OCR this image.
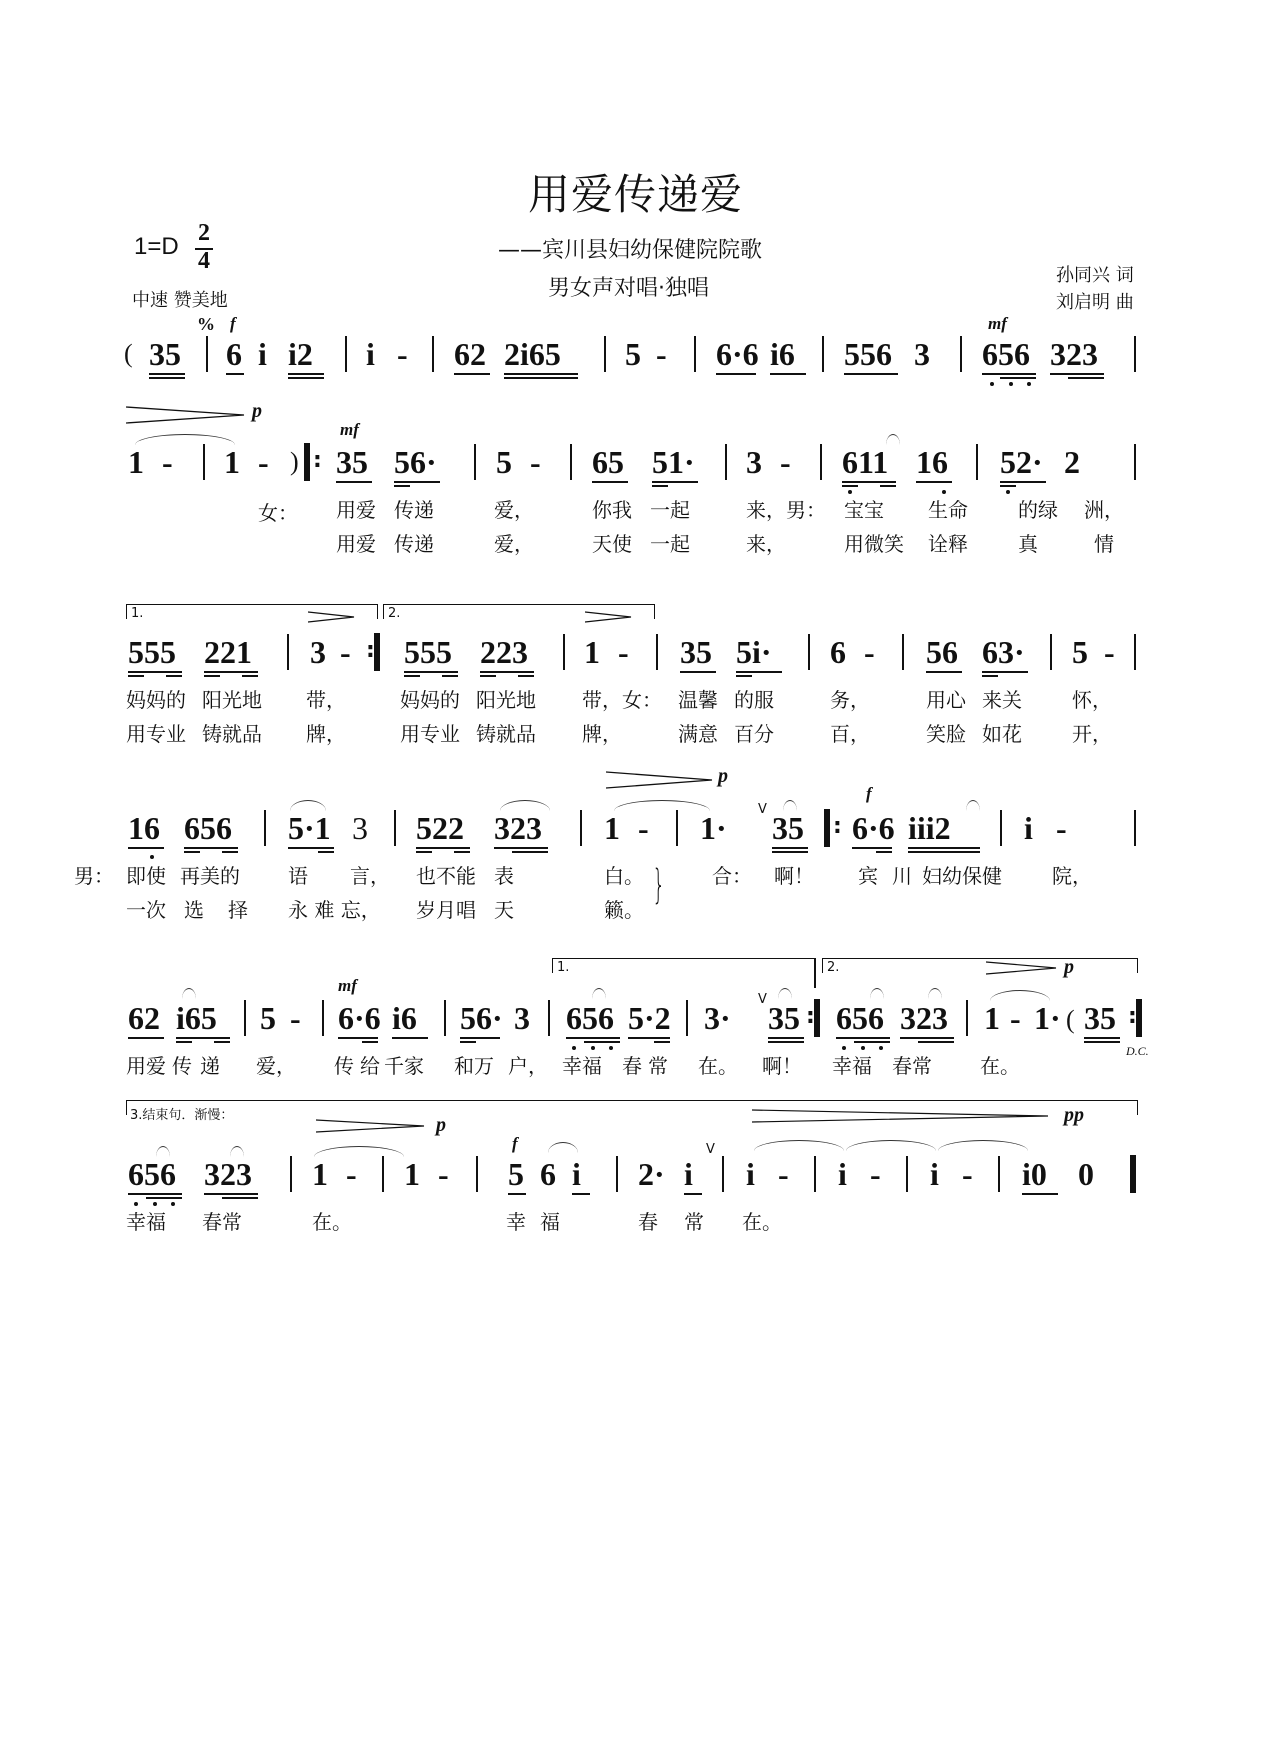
用爱传递爱
——宾川县妇幼保健院院歌
男女声对唱·独唱
1=D 2
4
中速 赞美地
孙同兴 词
刘启明 曲
% f	mf
( 35 6 i i2 i - 62 2i65 5 - 6·6 i6 556 3 656 323
p
mf
1 - 1 - ) : 35 56· 5 - 65 51· 3 - 611 16 52· 2
女： 用爱 传递	爱，	你我 一起	来，男： 宝宝 生命	的绿 洲，
用爱 传递	爱，	天使 一起	来，	用微笑 诠释	真	情
1.	2.
555 221 3 - : 555 223 1 - 35 5i· 6 - 56 63· 5 -
妈妈的 阳光地 带，	妈妈的 阳光地 带，女： 温馨 的服	务，	用心 来关	怀，
用专业 铸就品 牌，	用专业 铸就品 牌，	满意 百分	百，	笑脸 如花	开，
p
f
16 656 5·1 3 522 323 1 - 1·
V
35 : 6·6 iii2 i -
男： 即使 再美的 语 言， 也不能 表	白。 } 合： 啊！ 宾 川 妇幼保健	院，
一次 选 择 永 难 忘， 岁月唱 天	籁。
1.	2.	p
mf
62 i65 5 - 6·6 i6 56· 3 656 5·2 3·
V
35 : 656 323 1 - 1· ( 35 :
D.C.
用爱 传 递 爱， 传 给 千家 和万 户， 幸福 春 常 在。 啊！ 幸福 春常 在。
3.结束句．渐慢：	p	pp
f
656 323 1 - 1 - 5 6 i 2· i
V
i - i - i - i0 0
幸福 春常	在。	幸 福	春 常 在。
